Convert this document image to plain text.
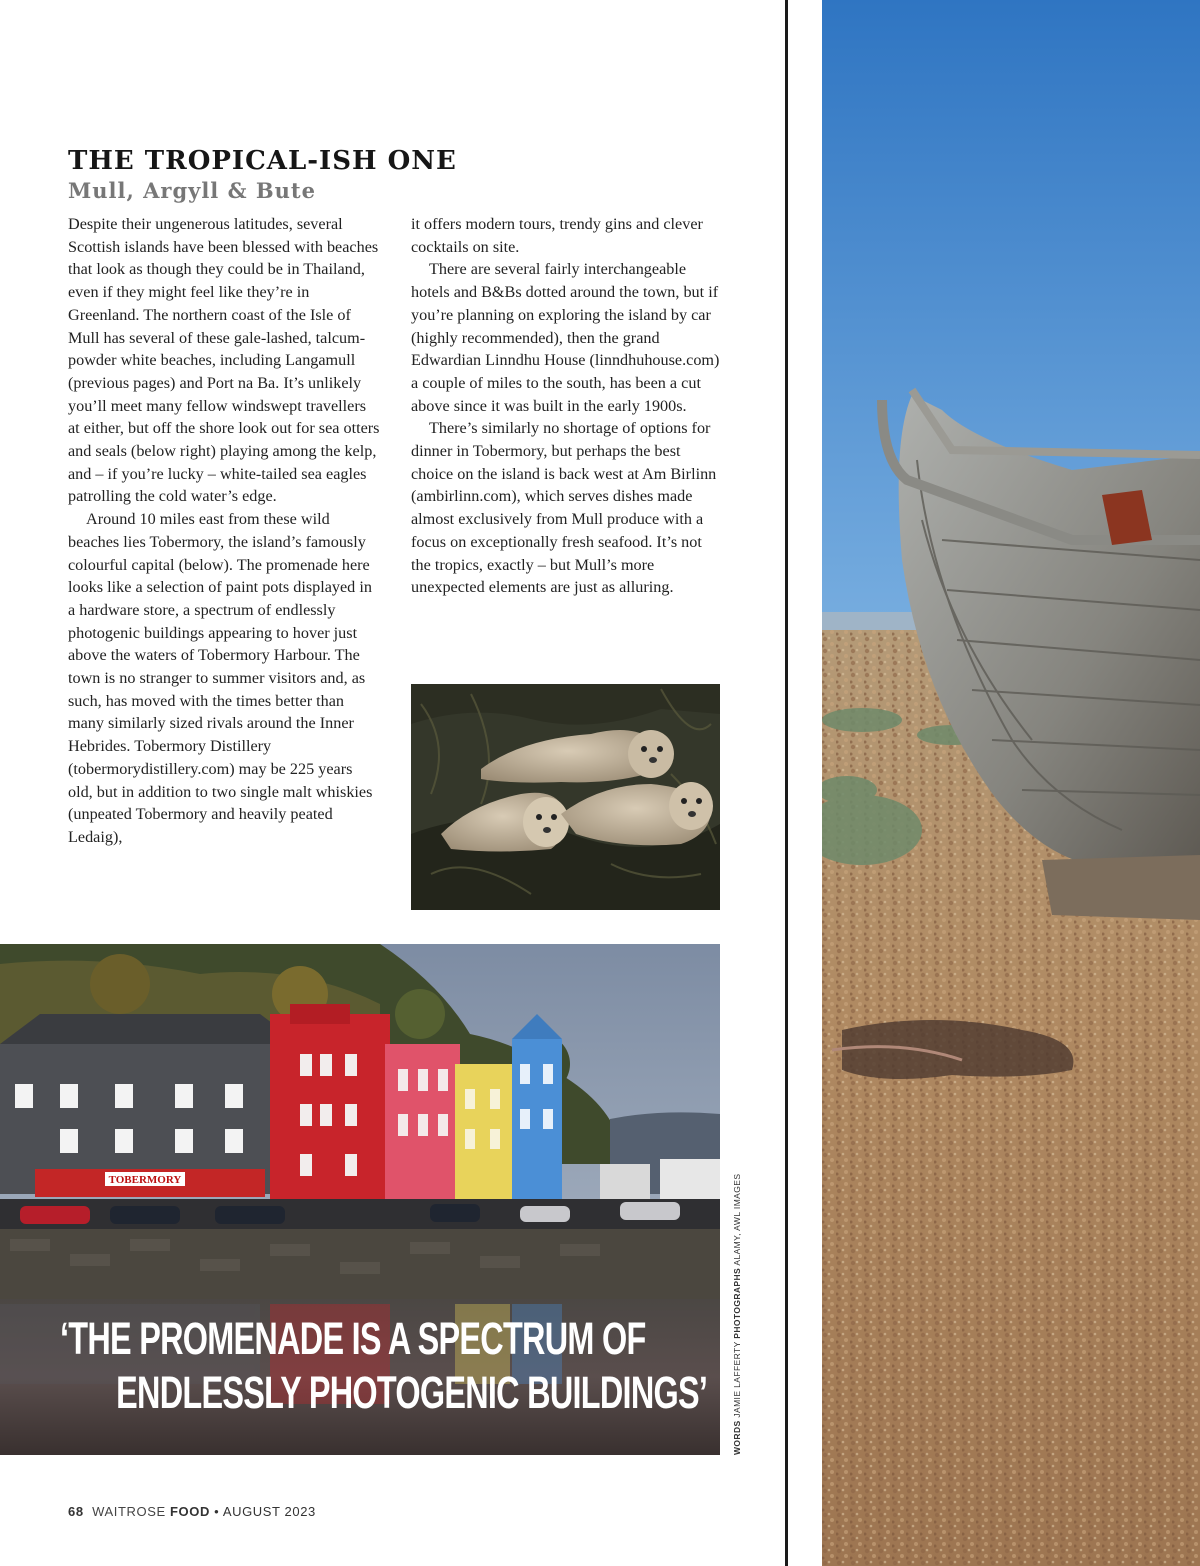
THE TROPICAL-ISH ONE
Mull, Argyll & Bute

Despite their ungenerous latitudes, several Scottish islands have been blessed with beaches that look as though they could be in Thailand, even if they might feel like they’re in Greenland. The northern coast of the Isle of Mull has several of these gale-lashed, talcum-powder white beaches, including Langamull (previous pages) and Port na Ba. It’s unlikely you’ll meet many fellow windswept travellers at either, but off the shore look out for sea otters and seals (below right) playing among the kelp, and – if you’re lucky – white-tailed sea eagles patrolling the cold water’s edge.

Around 10 miles east from these wild beaches lies Tobermory, the island’s famously colourful capital (below). The promenade here looks like a selection of paint pots displayed in a hardware store, a spectrum of endlessly photogenic buildings appearing to hover just above the waters of Tobermory Harbour. The town is no stranger to summer visitors and, as such, has moved with the times better than many similarly sized rivals around the Inner Hebrides. Tobermory Distillery (tobermorydistillery.com) may be 225 years old, but in addition to two single malt whiskies (unpeated Tobermory and heavily peated Ledaig),

it offers modern tours, trendy gins and clever cocktails on site.

There are several fairly interchangeable hotels and B&Bs dotted around the town, but if you’re planning on exploring the island by car (highly recommended), then the grand Edwardian Linndhu House (linndhuhouse.com) a couple of miles to the south, has been a cut above since it was built in the early 1900s.

There’s similarly no shortage of options for dinner in Tobermory, but perhaps the best choice on the island is back west at Am Birlinn (ambirlinn.com), which serves dishes made almost exclusively from Mull produce with a focus on exceptionally fresh seafood. It’s not the tropics, exactly – but Mull’s more unexpected elements are just as alluring.

TOBERMORY
‘THE PROMENADE IS A SPECTRUM OF
ENDLESSLY PHOTOGENIC BUILDINGS’
WORDS JAMIE LAFFERTY PHOTOGRAPHS ALAMY, AWL IMAGES
68 WAITROSE FOOD • AUGUST 2023
